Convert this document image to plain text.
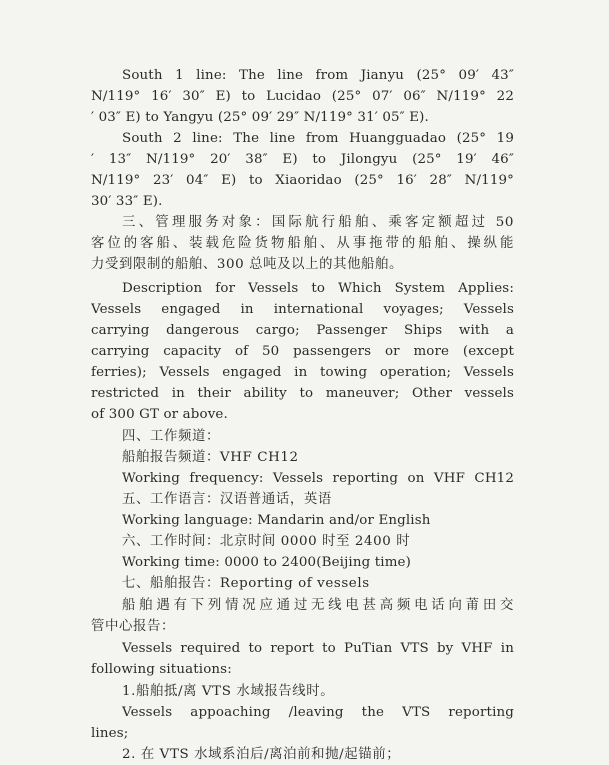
South 1 line: The line from Jianyu (25° 09′ 43″
N/119° 16′ 30″ E) to Lucidao (25° 07′ 06″ N/119° 22
′ 03″ E) to Yangyu (25° 09′ 29″ N/119° 31′ 05″ E).
South 2 line: The line from Huangguadao (25° 19
′ 13″ N/119° 20′ 38″ E) to Jilongyu (25° 19′ 46″
N/119° 23′ 04″ E) to Xiaoridao (25° 16′ 28″ N/119°
30′ 33″ E).
三、管理服务对象：国际航行船舶、乘客定额超过 50
客位的客船、装载危险货物船舶、从事拖带的船舶、操纵能
力受到限制的船舶、300 总吨及以上的其他船舶。
Description for Vessels to Which System Applies:
Vessels engaged in international voyages; Vessels
carrying dangerous cargo; Passenger Ships with a
carrying capacity of 50 passengers or more (except
ferries); Vessels engaged in towing operation; Vessels
restricted in their ability to maneuver; Other vessels
of 300 GT or above.
四、工作频道：
船舶报告频道：VHF CH12
Working frequency: Vessels reporting on VHF CH12
五、工作语言：汉语普通话，英语
Working language: Mandarin and/or English
六、工作时间：北京时间 0000 时至 2400 时
Working time: 0000 to 2400(Beijing time)
七、船舶报告：Reporting of vessels
船舶遇有下列情况应通过无线电甚高频电话向莆田交
管中心报告：
Vessels required to report to PuTian VTS by VHF in
following situations:
1.船舶抵/离 VTS 水域报告线时。
Vessels appoaching /leaving the VTS reporting
lines;
2. 在 VTS 水域系泊后/离泊前和抛/起锚前；
